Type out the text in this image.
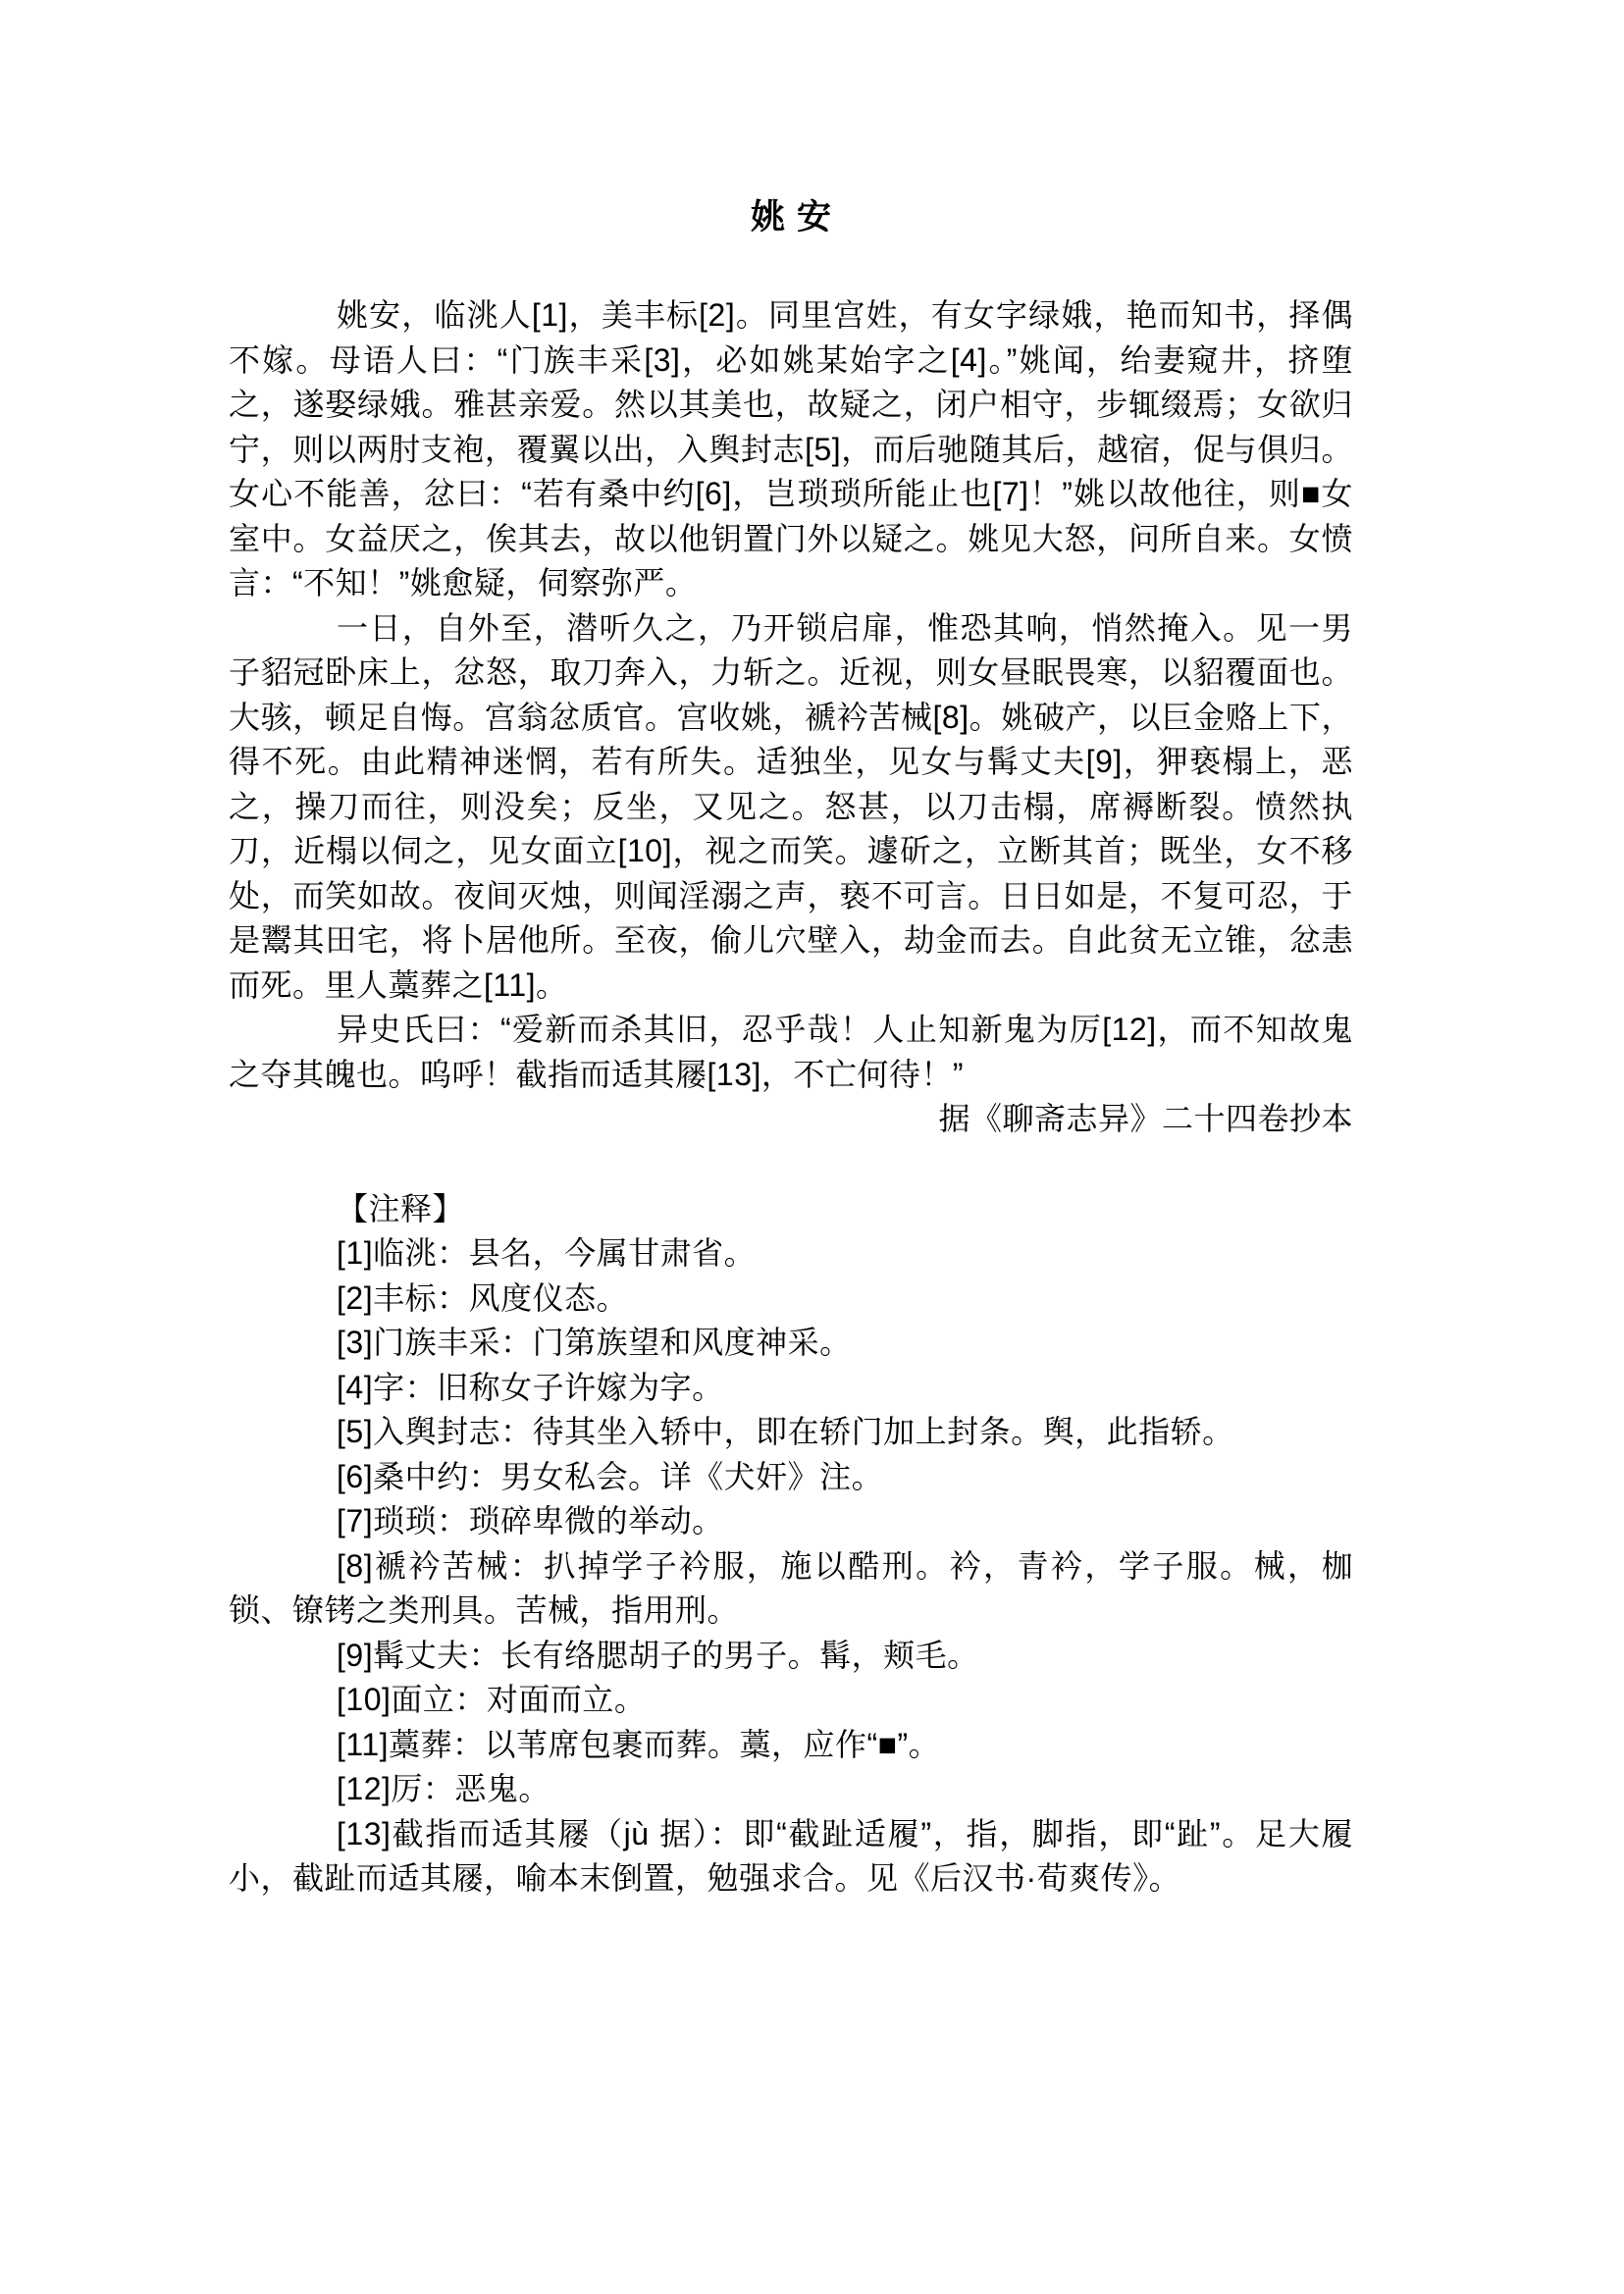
姚安

姚安，临洮人[1]，美丰标[2]。同里宫姓，有女字绿娥，艳而知书，择偶不嫁。母语人曰：“门族丰采[3]，必如姚某始字之[4]。”姚闻，绐妻窥井，挤堕之，遂娶绿娥。雅甚亲爱。然以其美也，故疑之，闭户相守，步辄缀焉；女欲归宁，则以两肘支袍，覆翼以出，入舆封志[5]，而后驰随其后，越宿，促与俱归。女心不能善，忿曰：“若有桑中约[6]，岂琐琐所能止也[7]！”姚以故他往，则■女室中。女益厌之，俟其去，故以他钥置门外以疑之。姚见大怒，问所自来。女愤言：“不知！”姚愈疑，伺察弥严。

一日，自外至，潜听久之，乃开锁启扉，惟恐其响，悄然掩入。见一男子貂冠卧床上，忿怒，取刀奔入，力斩之。近视，则女昼眠畏寒，以貂覆面也。大骇，顿足自悔。宫翁忿质官。宫收姚，褫衿苦械[8]。姚破产，以巨金赂上下，得不死。由此精神迷惘，若有所失。适独坐，见女与髯丈夫[9]，狎亵榻上，恶之，操刀而往，则没矣；反坐，又见之。怒甚，以刀击榻，席褥断裂。愤然执刀，近榻以伺之，见女面立[10]，视之而笑。遽斫之，立断其首；既坐，女不移处，而笑如故。夜间灭烛，则闻淫溺之声，亵不可言。日日如是，不复可忍，于是鬻其田宅，将卜居他所。至夜，偷儿穴壁入，劫金而去。自此贫无立锥，忿恚而死。里人藁葬之[11]。

异史氏曰：“爱新而杀其旧，忍乎哉！人止知新鬼为厉[12]，而不知故鬼之夺其魄也。呜呼！截指而适其屦[13]，不亡何待！”

据《聊斋志异》二十四卷抄本

【注释】

[1]临洮：县名，今属甘肃省。

[2]丰标：风度仪态。

[3]门族丰采：门第族望和风度神采。

[4]字：旧称女子许嫁为字。

[5]入舆封志：待其坐入轿中，即在轿门加上封条。舆，此指轿。

[6]桑中约：男女私会。详《犬奸》注。

[7]琐琐：琐碎卑微的举动。

[8]褫衿苦械：扒掉学子衿服，施以酷刑。衿，青衿，学子服。械，枷锁、镣铐之类刑具。苦械，指用刑。

[9]髯丈夫：长有络腮胡子的男子。髯，颊毛。

[10]面立：对面而立。

[11]藁葬：以苇席包裹而葬。藁，应作“■”。

[12]厉：恶鬼。

[13]截指而适其屦（jù 据）：即“截趾适履”，指，脚指，即“趾”。足大履小，截趾而适其屦，喻本末倒置，勉强求合。见《后汉书·荀爽传》。
